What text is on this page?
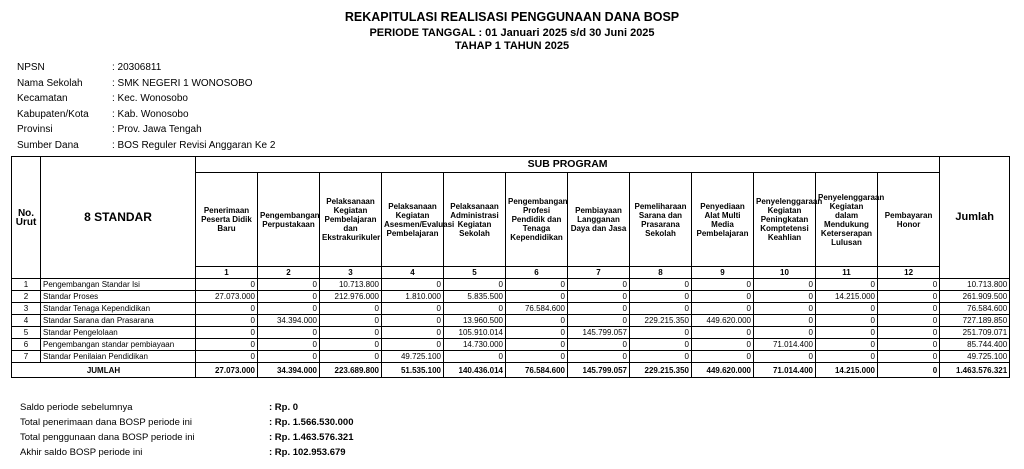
REKAPITULASI REALISASI PENGGUNAAN DANA BOSP
PERIODE TANGGAL : 01 Januari 2025 s/d 30 Juni 2025
TAHAP 1 TAHUN 2025
NPSN	: 20306811
Nama Sekolah	: SMK NEGERI 1 WONOSOBO
Kecamatan	: Kec. Wonosobo
Kabupaten/Kota	: Kab. Wonosobo
Provinsi	: Prov. Jawa Tengah
Sumber Dana	: BOS Reguler Revisi Anggaran Ke 2
No. Urut	8 STANDAR	SUB PROGRAM												Jumlah
		Penerimaan Peserta Didik Baru	Pengembangan Perpustakaan	Pelaksanaan Kegiatan Pembelajaran dan Ekstrakurikuler	Pelaksanaan Kegiatan Asesmen/Evaluasi Pembelajaran	Pelaksanaan Administrasi Kegiatan Sekolah	Pengembangan Profesi Pendidik dan Tenaga Kependidikan	Pembiayaan Langganan Daya dan Jasa	Pemeliharaan Sarana dan Prasarana Sekolah	Penyediaan Alat Multi Media Pembelajaran	Penyelenggaraan Kegiatan Peningkatan Komptetensi Keahlian	Penyelenggaraan Kegiatan dalam Mendukung Keterserapan Lulusan	Pembayaran Honor	
		1	2	3	4	5	6	7	8	9	10	11	12	
1	Pengembangan Standar Isi	0	0	10.713.800	0	0	0	0	0	0	0	0	0	10.713.800
2	Standar Proses	27.073.000	0	212.976.000	1.810.000	5.835.500	0	0	0	0	0	14.215.000	0	261.909.500
3	Standar Tenaga Kependidikan	0	0	0	0	0	76.584.600	0	0	0	0	0	0	76.584.600
4	Standar Sarana dan Prasarana	0	34.394.000	0	0	13.960.500	0	0	229.215.350	449.620.000	0	0	0	727.189.850
5	Standar Pengelolaan	0	0	0	0	105.910.014	0	145.799.057	0	0	0	0	0	251.709.071
6	Pengembangan standar pembiayaan	0	0	0	0	14.730.000	0	0	0	0	71.014.400	0	0	85.744.400
7	Standar Penilaian Pendidikan	0	0	0	49.725.100	0	0	0	0	0	0	0	0	49.725.100
JUMLAH		27.073.000	34.394.000	223.689.800	51.535.100	140.436.014	76.584.600	145.799.057	229.215.350	449.620.000	71.014.400	14.215.000	0	1.463.576.321
Saldo periode sebelumnya	: Rp. 0
Total penerimaan dana BOSP periode ini	: Rp. 1.566.530.000
Total penggunaan dana BOSP periode ini	: Rp. 1.463.576.321
Akhir saldo BOSP periode ini	: Rp. 102.953.679
